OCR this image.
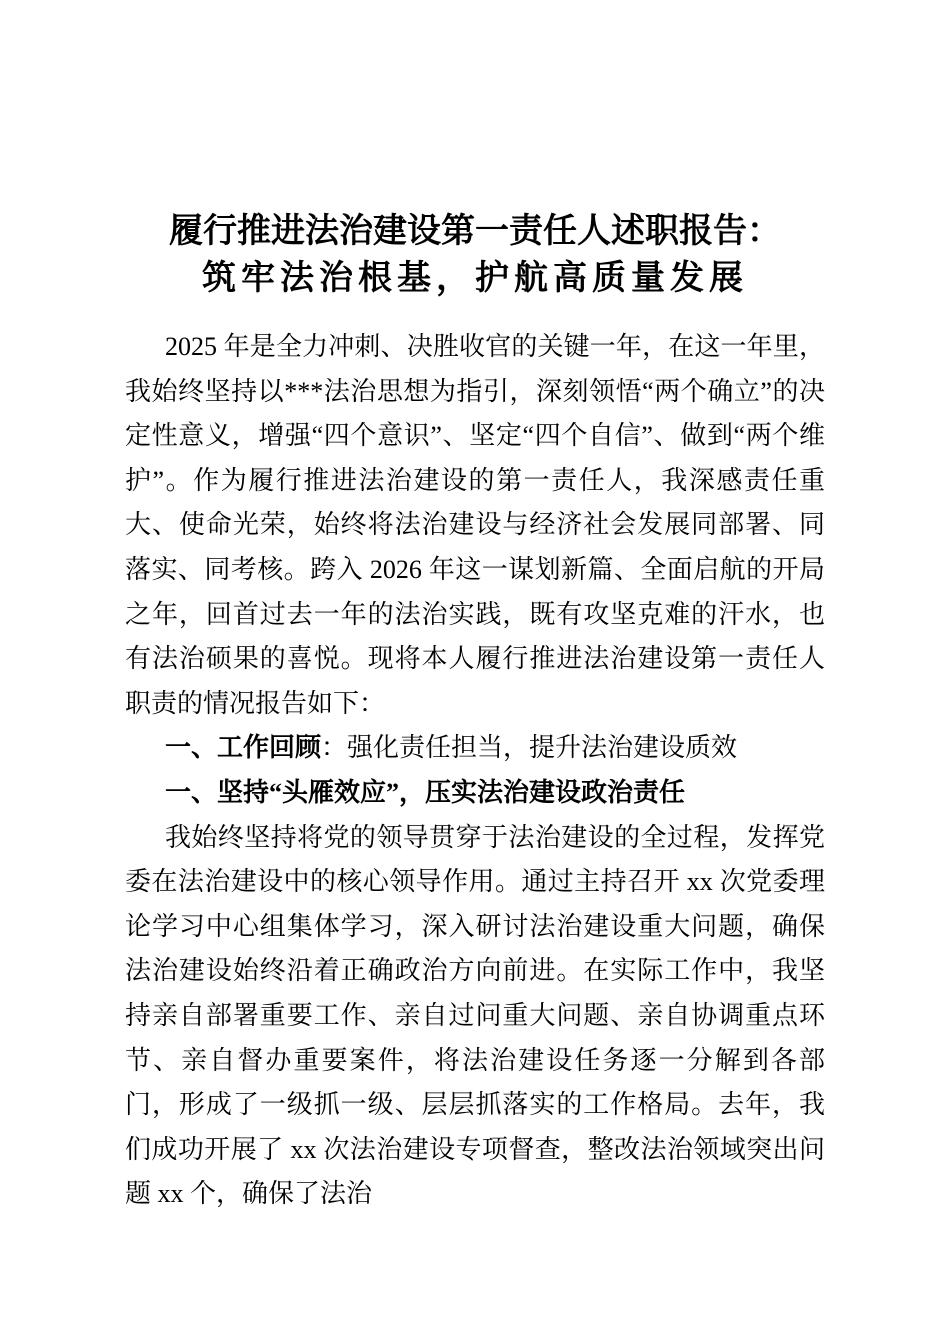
履行推进法治建设第一责任人述职报告：
筑牢法治根基，护航高质量发展

2025 年是全力冲刺、决胜收官的关键一年，在这一年里，我始终坚持以***法治思想为指引，深刻领悟“两个确立”的决定性意义，增强“四个意识”、坚定“四个自信”、做到“两个维护”。作为履行推进法治建设的第一责任人，我深感责任重大、使命光荣，始终将法治建设与经济社会发展同部署、同落实、同考核。跨入 2026 年这一谋划新篇、全面启航的开局之年，回首过去一年的法治实践，既有攻坚克难的汗水，也有法治硕果的喜悦。现将本人履行推进法治建设第一责任人职责的情况报告如下：

一、工作回顾：强化责任担当，提升法治建设质效

一、坚持“头雁效应”，压实法治建设政治责任

我始终坚持将党的领导贯穿于法治建设的全过程，发挥党委在法治建设中的核心领导作用。通过主持召开 xx 次党委理论学习中心组集体学习，深入研讨法治建设重大问题，确保法治建设始终沿着正确政治方向前进。在实际工作中，我坚持亲自部署重要工作、亲自过问重大问题、亲自协调重点环节、亲自督办重要案件，将法治建设任务逐一分解到各部门，形成了一级抓一级、层层抓落实的工作格局。去年，我们成功开展了 xx 次法治建设专项督查，整改法治领域突出问题 xx 个，确保了法治
